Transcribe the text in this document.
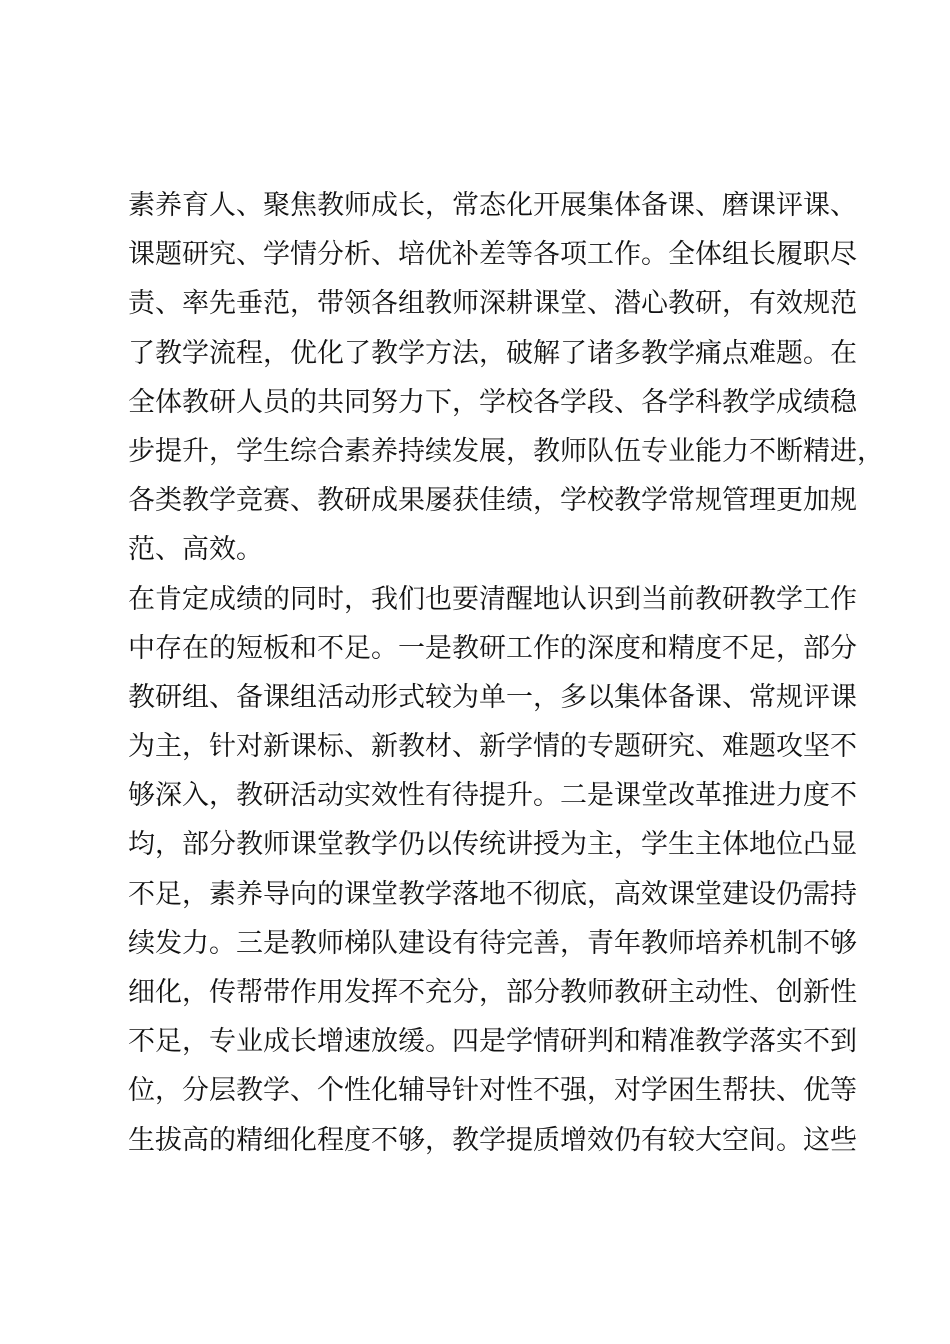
素养育人、聚焦教师成长，常态化开展集体备课、磨课评课、
课题研究、学情分析、培优补差等各项工作。全体组长履职尽
责、率先垂范，带领各组教师深耕课堂、潜心教研，有效规范
了教学流程，优化了教学方法，破解了诸多教学痛点难题。在
全体教研人员的共同努力下，学校各学段、各学科教学成绩稳
步提升，学生综合素养持续发展，教师队伍专业能力不断精进，
各类教学竞赛、教研成果屡获佳绩，学校教学常规管理更加规
范、高效。
在肯定成绩的同时，我们也要清醒地认识到当前教研教学工作
中存在的短板和不足。一是教研工作的深度和精度不足，部分
教研组、备课组活动形式较为单一，多以集体备课、常规评课
为主，针对新课标、新教材、新学情的专题研究、难题攻坚不
够深入，教研活动实效性有待提升。二是课堂改革推进力度不
均，部分教师课堂教学仍以传统讲授为主，学生主体地位凸显
不足，素养导向的课堂教学落地不彻底，高效课堂建设仍需持
续发力。三是教师梯队建设有待完善，青年教师培养机制不够
细化，传帮带作用发挥不充分，部分教师教研主动性、创新性
不足，专业成长增速放缓。四是学情研判和精准教学落实不到
位，分层教学、个性化辅导针对性不强，对学困生帮扶、优等
生拔高的精细化程度不够，教学提质增效仍有较大空间。这些
